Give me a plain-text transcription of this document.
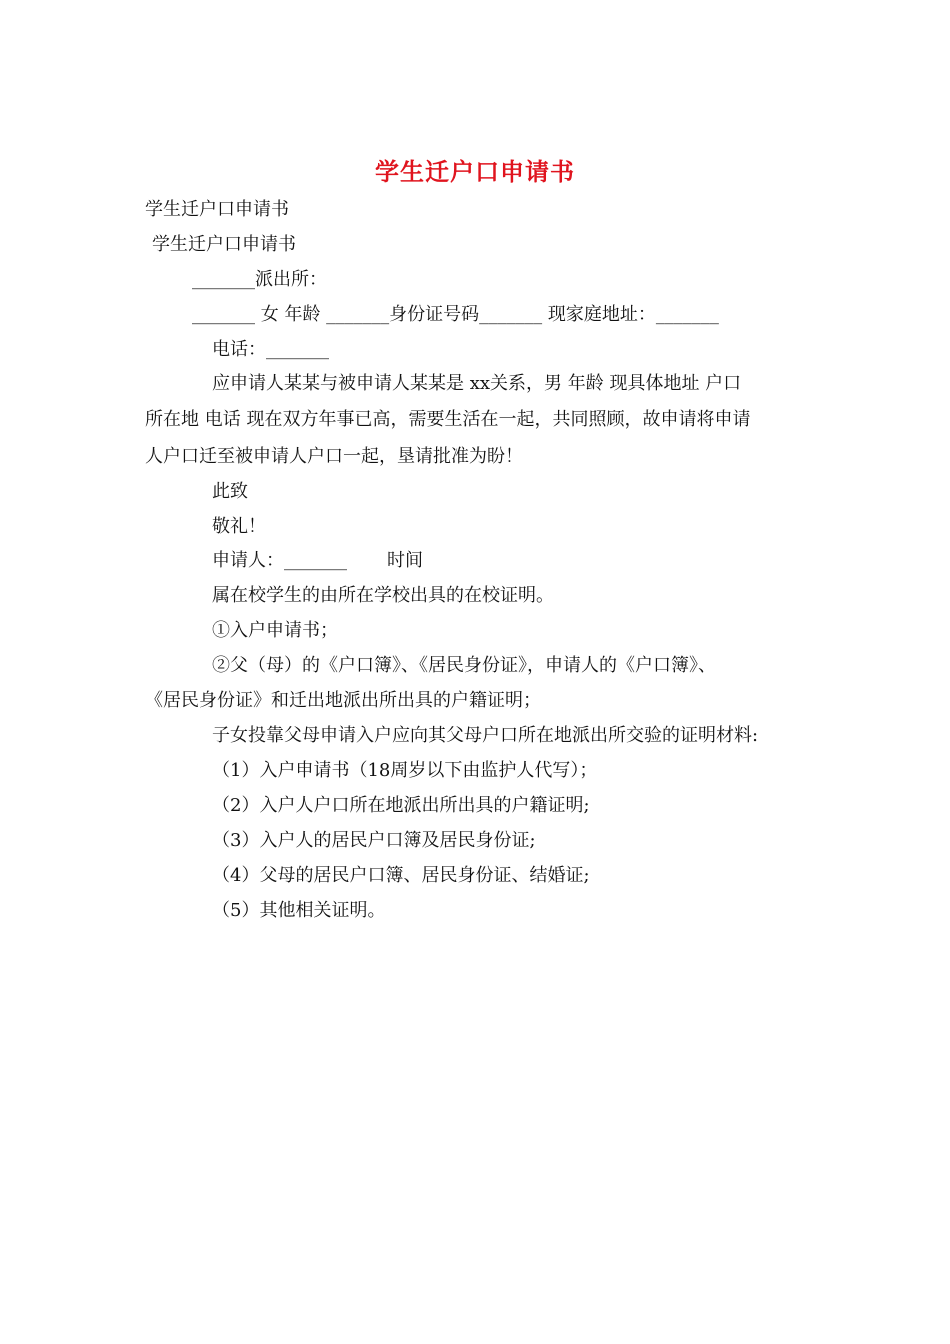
学生迁户口申请书
学生迁户口申请书
学生迁户口申请书
_______派出所：
_______ 女 年龄 _______身份证号码_______ 现家庭地址：_______
电话：_______
应申请人某某与被申请人某某是 xx关系，男 年龄 现具体地址 户口
所在地 电话 现在双方年事已高，需要生活在一起，共同照顾，故申请将申请
人户口迁至被申请人户口一起，垦请批准为盼！
此致
敬礼！
申请人：_______ 时间
属在校学生的由所在学校出具的在校证明。
①入户申请书；
②父（母）的《户口簿》、《居民身份证》，申请人的《户口簿》、
《居民身份证》和迁出地派出所出具的户籍证明；
子女投靠父母申请入户应向其父母户口所在地派出所交验的证明材料:
（1）入户申请书（18周岁以下由监护人代写）；
（2）入户人户口所在地派出所出具的户籍证明;
（3）入户人的居民户口簿及居民身份证;
（4）父母的居民户口簿、居民身份证、结婚证;
（5）其他相关证明。
